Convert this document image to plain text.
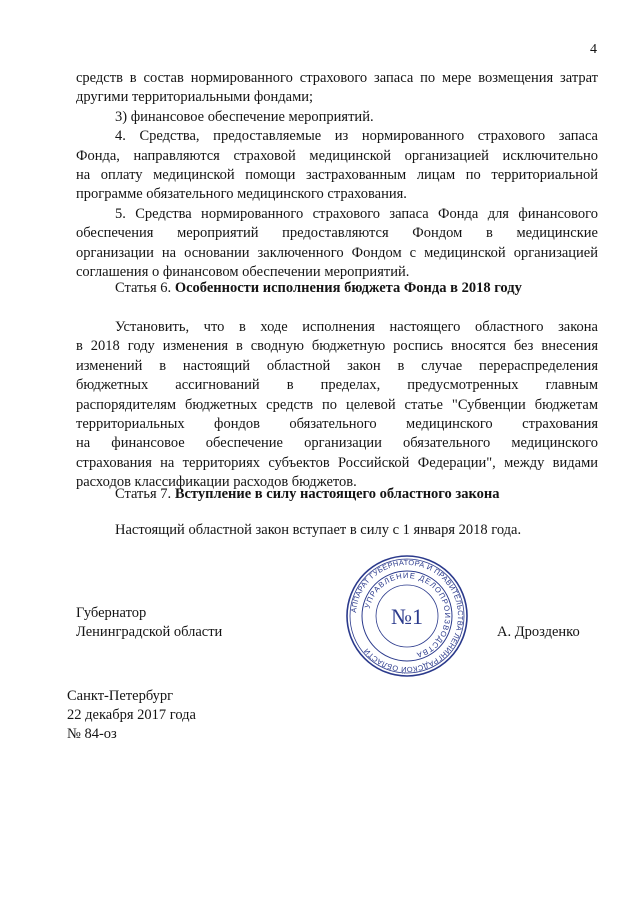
4

средств в состав нормированного страхового запаса по мере возмещения затрат

другими территориальными фондами;

3) финансовое обеспечение мероприятий.

4. Средства, предоставляемые из нормированного страхового запаса

Фонда, направляются страховой медицинской организацией исключительно

на оплату медицинской помощи застрахованным лицам по территориальной

программе обязательного медицинского страхования.

5. Средства нормированного страхового запаса Фонда для финансового

обеспечения мероприятий предоставляются Фондом в медицинские

организации на основании заключенного Фондом с медицинской организацией

соглашения о финансовом обеспечении мероприятий.

Статья 6. Особенности исполнения бюджета Фонда в 2018 году

Установить, что в ходе исполнения настоящего областного закона

в 2018 году изменения в сводную бюджетную роспись вносятся без внесения

изменений в настоящий областной закон в случае перераспределения

бюджетных ассигнований в пределах, предусмотренных главным

распорядителям бюджетных средств по целевой статье "Субвенции бюджетам

территориальных фондов обязательного медицинского страхования

на финансовое обеспечение организации обязательного медицинского

страхования на территориях субъектов Российской Федерации", между видами

расходов классификации расходов бюджетов.

Статья 7. Вступление в силу настоящего областного закона
Настоящий областной закон вступает в силу с 1 января 2018 года.
Губернатор
Ленинградской области
АППАРАТ ГУБЕРНАТОРА И ПРАВИТЕЛЬСТВА ЛЕНИНГРАДСКОЙ ОБЛАСТИ
УПРАВЛЕНИЕ ДЕЛОПРОИЗВОДСТВА
№1
А. Дрозденко
Санкт-Петербург
22 декабря 2017 года
№ 84-оз
